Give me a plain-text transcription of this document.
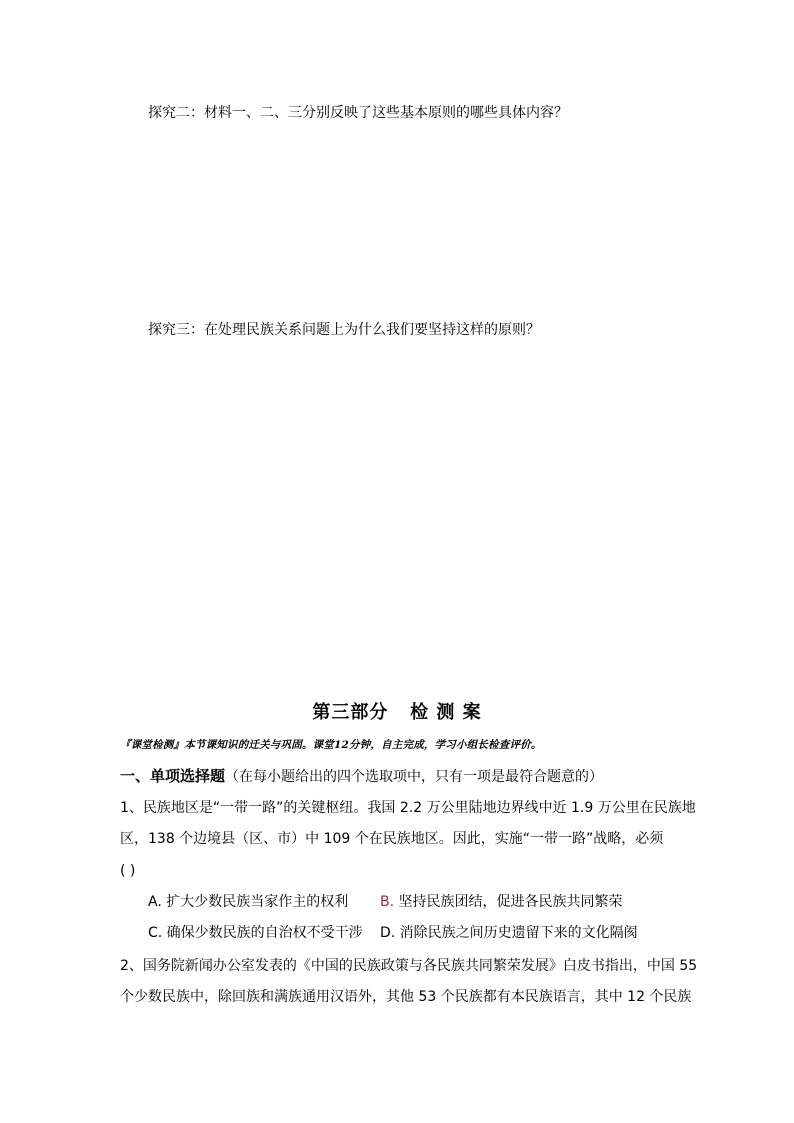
探究二：材料一、二、三分别反映了这些基本原则的哪些具体内容？
探究三：在处理民族关系问题上为什么我们要坚持这样的原则？
第三部分   检 测 案
『课堂检测』本节课知识的迁关与巩固。课堂12分钟，自主完成，学习小组长检查评价。
一、单项选择题（在每小题给出的四个选取项中，只有一项是最符合题意的）
1、民族地区是“一带一路”的关键枢纽。我国 2.2 万公里陆地边界线中近 1.9 万公里在民族地
区，138 个边境县（区、市）中 109 个在民族地区。因此，实施“一带一路”战略，必须
( )
A. 扩大少数民族当家作主的权利 B. 坚持民族团结，促进各民族共同繁荣
C. 确保少数民族的自治权不受干涉 D. 消除民族之间历史遗留下来的文化隔阂
2、国务院新闻办公室发表的《中国的民族政策与各民族共同繁荣发展》白皮书指出，中国 55
个少数民族中，除回族和满族通用汉语外，其他 53 个民族都有本民族语言，其中 12 个民族
